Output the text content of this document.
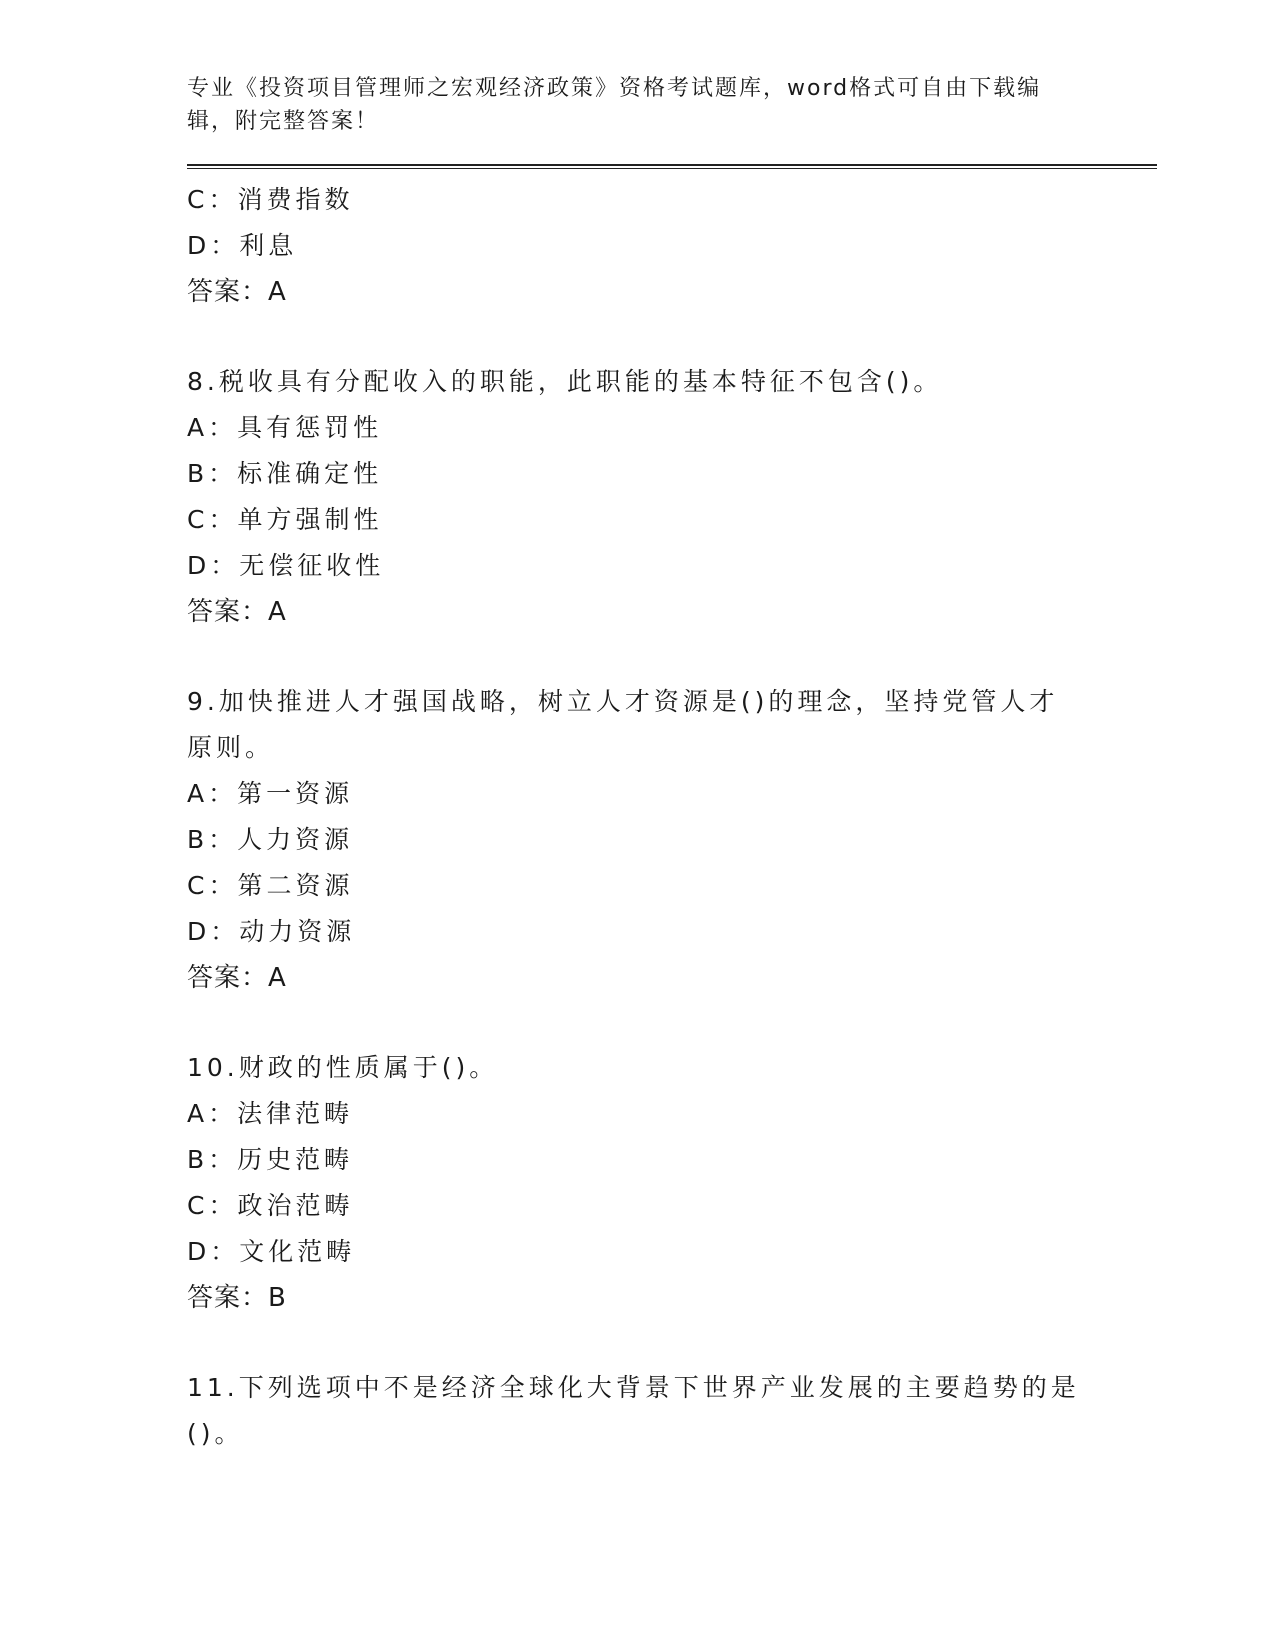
专业《投资项目管理师之宏观经济政策》资格考试题库，word格式可自由下载编
辑，附完整答案！
C：消费指数
D：利息
答案：A
8.税收具有分配收入的职能，此职能的基本特征不包含()。
A：具有惩罚性
B：标准确定性
C：单方强制性
D：无偿征收性
答案：A
9.加快推进人才强国战略，树立人才资源是()的理念，坚持党管人才
原则。
A：第一资源
B：人力资源
C：第二资源
D：动力资源
答案：A
10.财政的性质属于()。
A：法律范畴
B：历史范畴
C：政治范畴
D：文化范畴
答案：B
11.下列选项中不是经济全球化大背景下世界产业发展的主要趋势的是
()。
